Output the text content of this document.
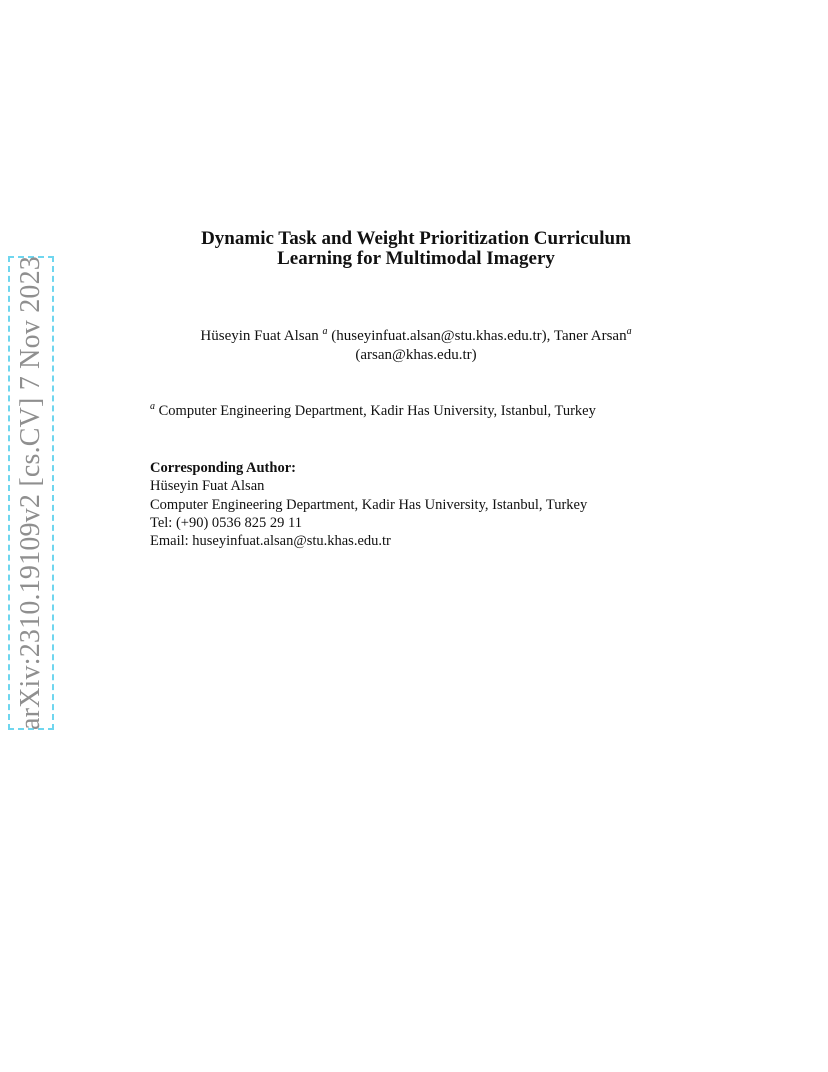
arXiv:2310.19109v2 [cs.CV] 7 Nov 2023
Dynamic Task and Weight Prioritization Curriculum
Learning for Multimodal Imagery
Hüseyin Fuat Alsan $^a$ (huseyinfuat.alsan@stu.khas.edu.tr), Taner Arsan$^a$
(arsan@khas.edu.tr)
$^a$ Computer Engineering Department, Kadir Has University, Istanbul, Turkey
Corresponding Author:
Hüseyin Fuat Alsan
Computer Engineering Department, Kadir Has University, Istanbul, Turkey
Tel: (+90) 0536 825 29 11
Email: huseyinfuat.alsan@stu.khas.edu.tr
